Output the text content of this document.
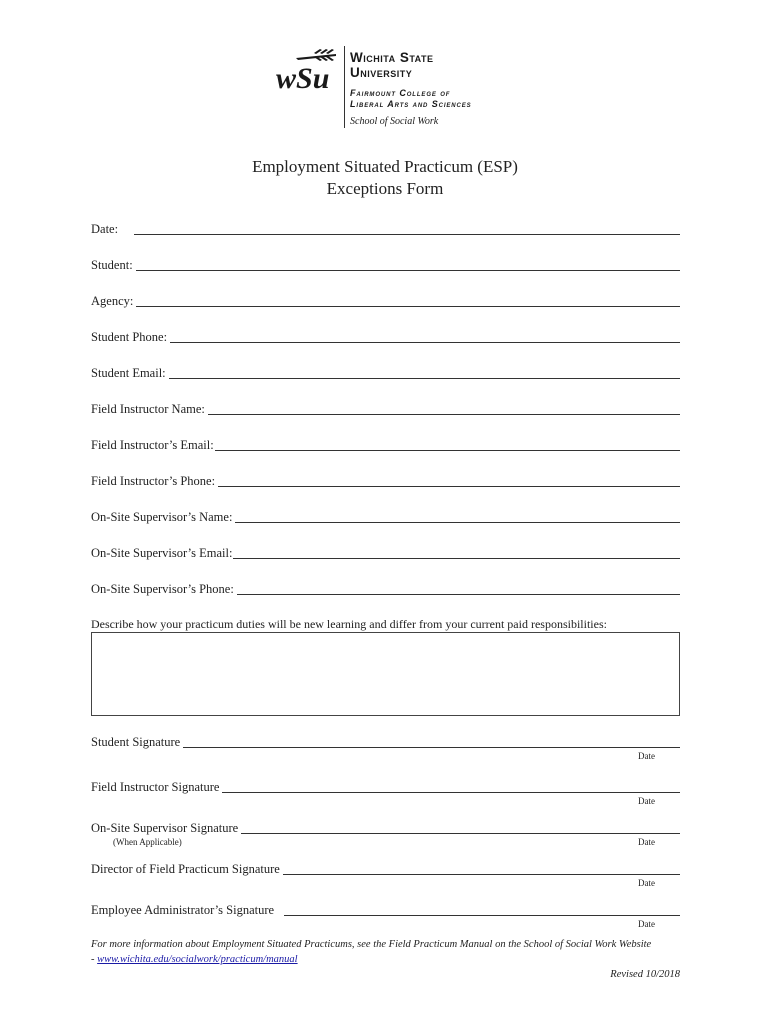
wSu
Wichita State
University
Fairmount College of
Liberal Arts and Sciences
School of Social Work
Employment Situated Practicum (ESP)
Exceptions Form
Date:
Student:
Agency:
Student Phone:
Student Email:
Field Instructor Name:
Field Instructor’s Email:
Field Instructor’s Phone:
On-Site Supervisor’s Name:
On-Site Supervisor’s Email:
On-Site Supervisor’s Phone:
Describe how your practicum duties will be new learning and differ from your current paid responsibilities:
Student Signature
Date
Field Instructor Signature
Date
On-Site Supervisor Signature
(When Applicable)	Date
Director of Field Practicum Signature
Date
Employee Administrator’s Signature
Date
For more information about Employment Situated Practicums, see the Field Practicum Manual on the School of Social Work Website
- www.wichita.edu/socialwork/practicum/manual
Revised 10/2018
